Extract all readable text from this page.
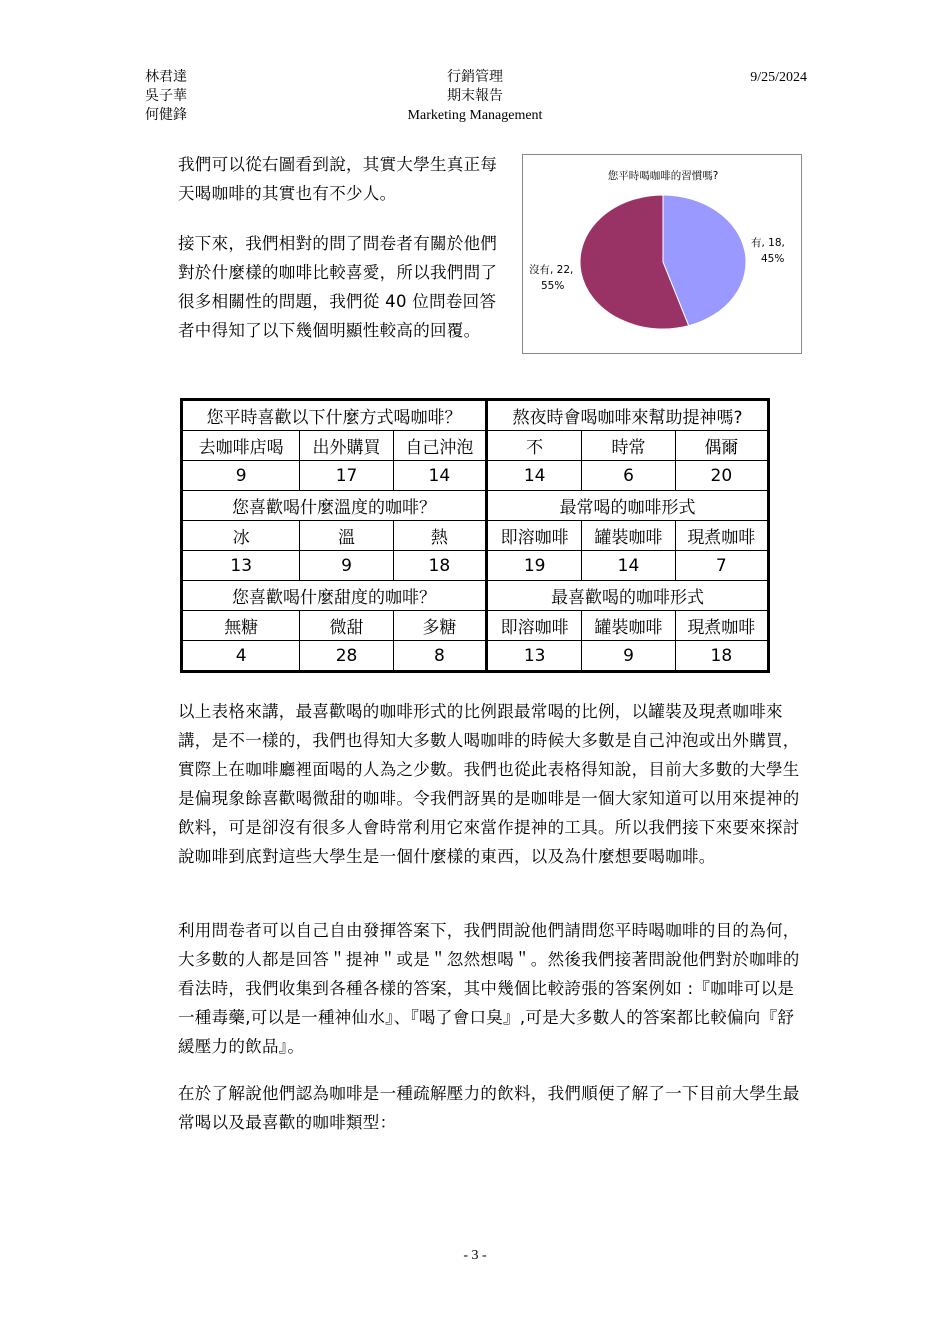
林君達
吳子華
何健鋒
行銷管理
期末報告
Marketing Management
9/25/2024

我們可以從右圖看到說，其實大學生真正每天喝咖啡的其實也有不少人。

接下來，我們相對的問了問卷者有關於他們對於什麼樣的咖啡比較喜愛，所以我們問了很多相關性的問題，我們從 40 位問卷回答者中得知了以下幾個明顯性較高的回覆。

您平時喝咖啡的習慣嗎?
有, 18,
45%
沒有, 22,
55%
您平時喜歡以下什麼方式喝咖啡？			熬夜時會喝咖啡來幫助提神嗎?		
去咖啡店喝	出外購買	自己沖泡	不	時常	偶爾
9	17	14	14	6	20
您喜歡喝什麼溫度的咖啡？			最常喝的咖啡形式		
冰	溫	熱	即溶咖啡	罐裝咖啡	現煮咖啡
13	9	18	19	14	7
您喜歡喝什麼甜度的咖啡？			最喜歡喝的咖啡形式		
無糖	微甜	多糖	即溶咖啡	罐裝咖啡	現煮咖啡
4	28	8	13	9	18

以上表格來講，最喜歡喝的咖啡形式的比例跟最常喝的比例，以罐裝及現煮咖啡來講，是不一樣的，我們也得知大多數人喝咖啡的時候大多數是自己沖泡或出外購買，實際上在咖啡廳裡面喝的人為之少數。我們也從此表格得知說，目前大多數的大學生是偏現象餘喜歡喝微甜的咖啡。令我們訝異的是咖啡是一個大家知道可以用來提神的飲料，可是卻沒有很多人會時常利用它來當作提神的工具。所以我們接下來要來探討說咖啡到底對這些大學生是一個什麼樣的東西，以及為什麼想要喝咖啡。

利用問卷者可以自己自由發揮答案下，我們問說他們請問您平時喝咖啡的目的為何，大多數的人都是回答＂提神＂或是＂忽然想喝＂。然後我們接著問說他們對於咖啡的看法時，我們收集到各種各樣的答案，其中幾個比較誇張的答案例如 :『咖啡可以是一種毒藥,可以是一種神仙水』、『喝了會口臭』,可是大多數人的答案都比較偏向『舒緩壓力的飲品』。

在於了解說他們認為咖啡是一種疏解壓力的飲料，我們順便了解了一下目前大學生最常喝以及最喜歡的咖啡類型：

- 3 -
